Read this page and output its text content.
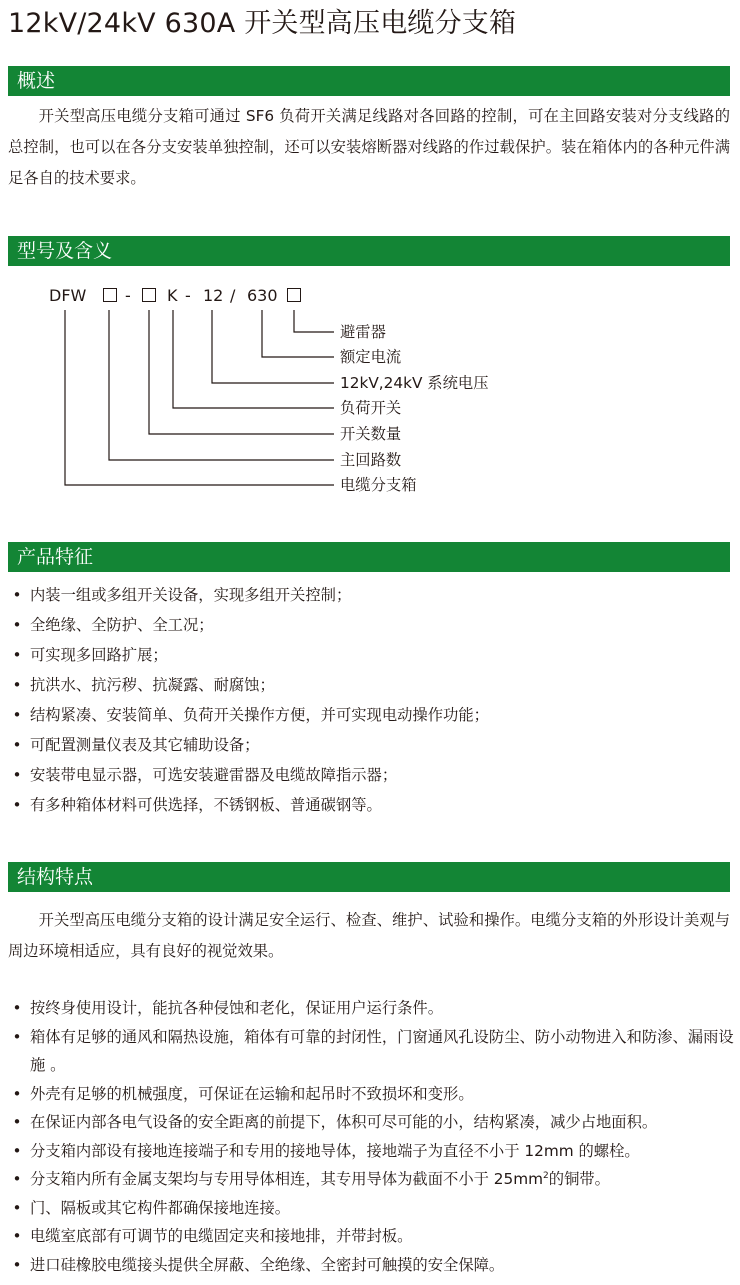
12kV/24kV 630A 开关型高压电缆分支箱
概述

开关型高压电缆分支箱可通过 SF6 负荷开关满足线路对各回路的控制，可在主回路安装对分支线路的总控制，也可以在各分支安装单独控制，还可以安装熔断器对线路的作过载保护。装在箱体内的各种元件满足各自的技术要求。

型号及含义
DFW - K - 12 / 630
避雷器
额定电流
12kV,24kV 系统电压
负荷开关
开关数量
主回路数
电缆分支箱
产品特征
• 内装一组或多组开关设备，实现多组开关控制；
• 全绝缘、全防护、全工况；
• 可实现多回路扩展；
• 抗洪水、抗污秽、抗凝露、耐腐蚀；
• 结构紧凑、安装简单、负荷开关操作方便，并可实现电动操作功能；
• 可配置测量仪表及其它辅助设备；
• 安装带电显示器，可选安装避雷器及电缆故障指示器；
• 有多种箱体材料可供选择，不锈钢板、普通碳钢等。
结构特点

开关型高压电缆分支箱的设计满足安全运行、检查、维护、试验和操作。电缆分支箱的外形设计美观与周边环境相适应，具有良好的视觉效果。

• 按终身使用设计，能抗各种侵蚀和老化，保证用户运行条件。
• 箱体有足够的通风和隔热设施，箱体有可靠的封闭性，门窗通风孔设防尘、防小动物进入和防渗、漏雨设施 。
• 外壳有足够的机械强度，可保证在运输和起吊时不致损坏和变形。
• 在保证内部各电气设备的安全距离的前提下，体积可尽可能的小，结构紧凑，减少占地面积。
• 分支箱内部设有接地连接端子和专用的接地导体，接地端子为直径不小于 12mm 的螺栓。
• 分支箱内所有金属支架均与专用导体相连，其专用导体为截面不小于 $25mm^2$的铜带。
• 门、隔板或其它构件都确保接地连接。
• 电缆室底部有可调节的电缆固定夹和接地排，并带封板。
• 进口硅橡胶电缆接头提供全屏蔽、全绝缘、全密封可触摸的安全保障。
